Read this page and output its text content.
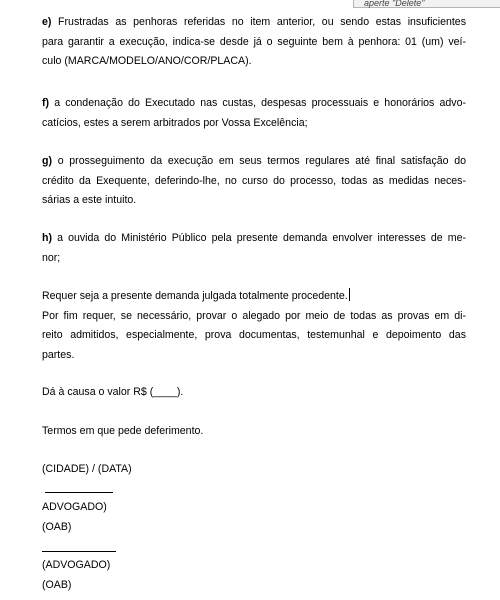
aperte "Delete"
e) Frustradas as penhoras referidas no item anterior, ou sendo estas insuficientes
para garantir a execução, indica-se desde já o seguinte bem à penhora: 01 (um) veí-
culo (MARCA/MODELO/ANO/COR/PLACA).
f) a condenação do Executado nas custas, despesas processuais e honorários advo-
catícios, estes a serem arbitrados por Vossa Excelência;
g) o prosseguimento da execução em seus termos regulares até final satisfação do
crédito da Exequente, deferindo-lhe, no curso do processo, todas as medidas neces-
sárias a este intuito.
h) a ouvida do Ministério Público pela presente demanda envolver interesses de me-
nor;
Requer seja a presente demanda julgada totalmente procedente.
Por fim requer, se necessário, provar o alegado por meio de todas as provas em di-
reito admitidos, especialmente, prova documentas, testemunhal e depoimento das
partes.
Dá à causa o valor R$ (____).
Termos em que pede deferimento.
(CIDADE) / (DATA)
ADVOGADO)
(OAB)
(ADVOGADO)
(OAB)
